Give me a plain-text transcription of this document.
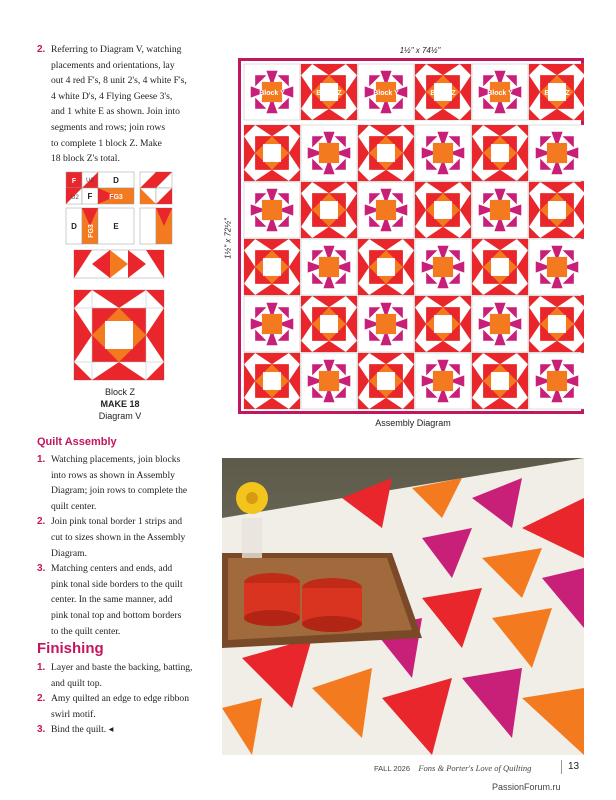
2. Referring to Diagram V, watching
placements and orientations, lay
out 4 red F's, 8 unit 2's, 4 white F's,
4 white D's, 4 Flying Geese 3's,
and 1 white E as shown. Join into
segments and rows; join rows
to complete 1 block Z. Make
18 block Z's total.
F U2 D
U2 F FG3
D FG3 E
Block Z
MAKE 18
Diagram V
1½" x 74½"
1½" x 72½"
Block Y	Block Z	Block Y	Block Z	Block Y	Block Z
Assembly Diagram
Quilt Assembly
1. Watching placements, join blocks
into rows as shown in Assembly
Diagram; join rows to complete the
quilt center.
2. Join pink tonal border 1 strips and
cut to sizes shown in the Assembly
Diagram.
3. Matching centers and ends, add
pink tonal side borders to the quilt
center. In the same manner, add
pink tonal top and bottom borders
to the quilt center.
Finishing
1. Layer and baste the backing, batting,
and quilt top.
2. Amy quilted an edge to edge ribbon
swirl motif.
3. Bind the quilt. ◂
FALL 2026 Fons & Porter's Love of Quilting	13
PassionForum.ru
